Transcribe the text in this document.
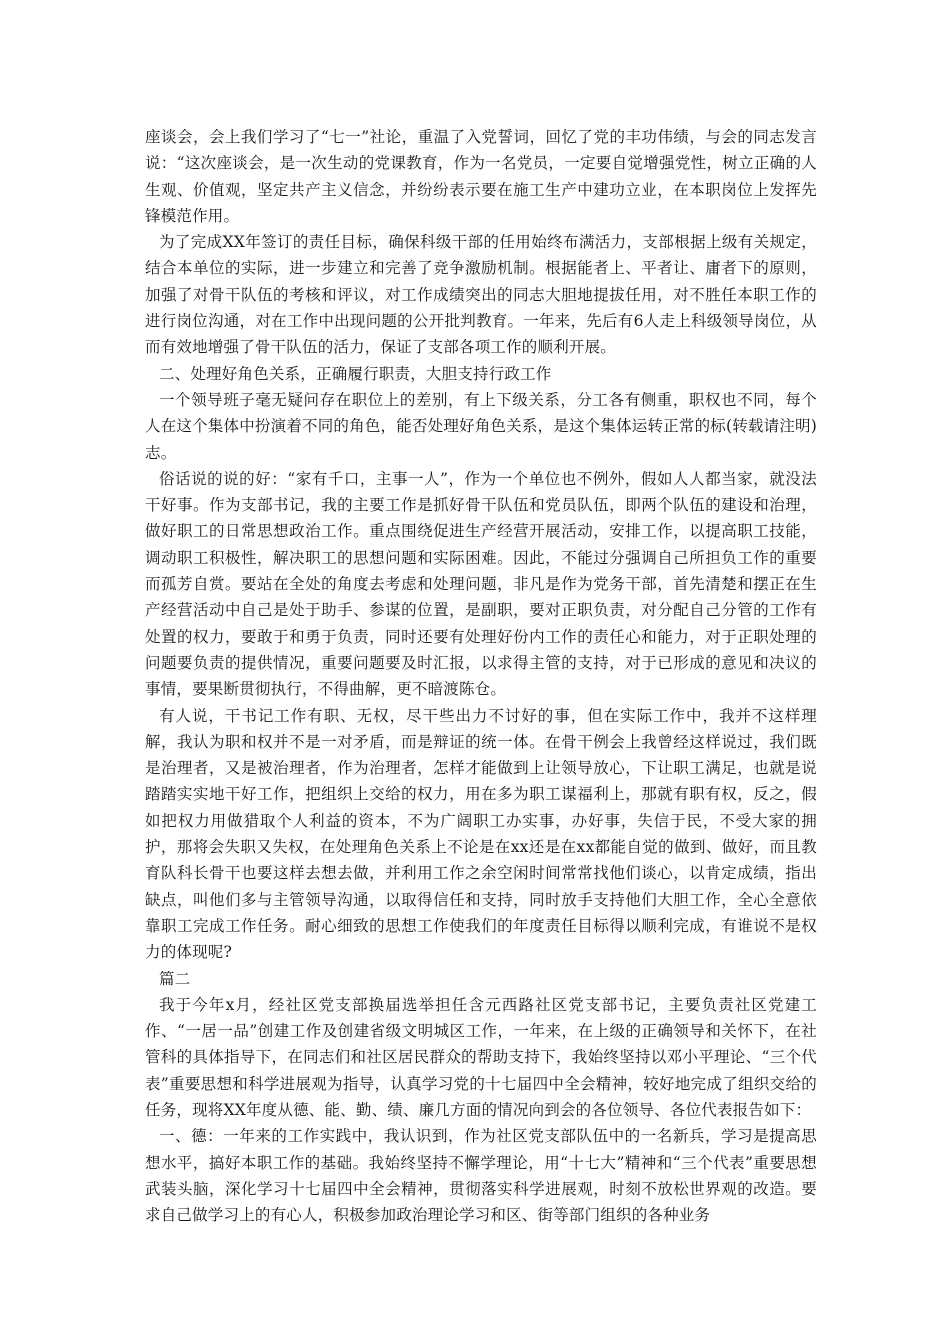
座谈会，会上我们学习了“七一”社论，重温了入党誓词，回忆了党的丰功伟绩，与会的同志发言说：“这次座谈会，是一次生动的党课教育，作为一名党员，一定要自觉增强党性，树立正确的人生观、价值观，坚定共产主义信念，并纷纷表示要在施工生产中建功立业，在本职岗位上发挥先锋模范作用。

为了完成XX年签订的责任目标，确保科级干部的任用始终布满活力，支部根据上级有关规定，结合本单位的实际，进一步建立和完善了竞争激励机制。根据能者上、平者让、庸者下的原则，加强了对骨干队伍的考核和评议，对工作成绩突出的同志大胆地提拔任用，对不胜任本职工作的进行岗位沟通，对在工作中出现问题的公开批判教育。一年来，先后有6人走上科级领导岗位，从而有效地增强了骨干队伍的活力，保证了支部各项工作的顺利开展。

二、处理好角色关系，正确履行职责，大胆支持行政工作

一个领导班子毫无疑问存在职位上的差别，有上下级关系，分工各有侧重，职权也不同，每个人在这个集体中扮演着不同的角色，能否处理好角色关系，是这个集体运转正常的标(转载请注明)志。

俗话说的说的好：“家有千口，主事一人”，作为一个单位也不例外，假如人人都当家，就没法干好事。作为支部书记，我的主要工作是抓好骨干队伍和党员队伍，即两个队伍的建设和治理，做好职工的日常思想政治工作。重点围绕促进生产经营开展活动，安排工作，以提高职工技能，调动职工积极性，解决职工的思想问题和实际困难。因此，不能过分强调自己所担负工作的重要而孤芳自赏。要站在全处的角度去考虑和处理问题，非凡是作为党务干部，首先清楚和摆正在生产经营活动中自己是处于助手、参谋的位置，是副职，要对正职负责，对分配自己分管的工作有处置的权力，要敢于和勇于负责，同时还要有处理好份内工作的责任心和能力，对于正职处理的问题要负责的提供情况，重要问题要及时汇报，以求得主管的支持，对于已形成的意见和决议的事情，要果断贯彻执行，不得曲解，更不暗渡陈仓。

有人说，干书记工作有职、无权，尽干些出力不讨好的事，但在实际工作中，我并不这样理解，我认为职和权并不是一对矛盾，而是辩证的统一体。在骨干例会上我曾经这样说过，我们既是治理者，又是被治理者，作为治理者，怎样才能做到上让领导放心，下让职工满足，也就是说踏踏实实地干好工作，把组织上交给的权力，用在多为职工谋福利上，那就有职有权，反之，假如把权力用做猎取个人利益的资本，不为广阔职工办实事，办好事，失信于民，不受大家的拥护，那将会失职又失权，在处理角色关系上不论是在xx还是在xx都能自觉的做到、做好，而且教育队科长骨干也要这样去想去做，并利用工作之余空闲时间常常找他们谈心，以肯定成绩，指出缺点，叫他们多与主管领导沟通，以取得信任和支持，同时放手支持他们大胆工作，全心全意依靠职工完成工作任务。耐心细致的思想工作使我们的年度责任目标得以顺利完成，有谁说不是权力的体现呢?

篇二

我于今年x月，经社区党支部换届选举担任含元西路社区党支部书记，主要负责社区党建工作、“一居一品”创建工作及创建省级文明城区工作，一年来，在上级的正确领导和关怀下，在社管科的具体指导下，在同志们和社区居民群众的帮助支持下，我始终坚持以邓小平理论、“三个代表”重要思想和科学进展观为指导，认真学习党的十七届四中全会精神，较好地完成了组织交给的任务，现将XX年度从德、能、勤、绩、廉几方面的情况向到会的各位领导、各位代表报告如下：

一、德：一年来的工作实践中，我认识到，作为社区党支部队伍中的一名新兵，学习是提高思想水平，搞好本职工作的基础。我始终坚持不懈学理论，用“十七大”精神和“三个代表”重要思想武装头脑，深化学习十七届四中全会精神，贯彻落实科学进展观，时刻不放松世界观的改造。要求自己做学习上的有心人，积极参加政治理论学习和区、街等部门组织的各种业务
